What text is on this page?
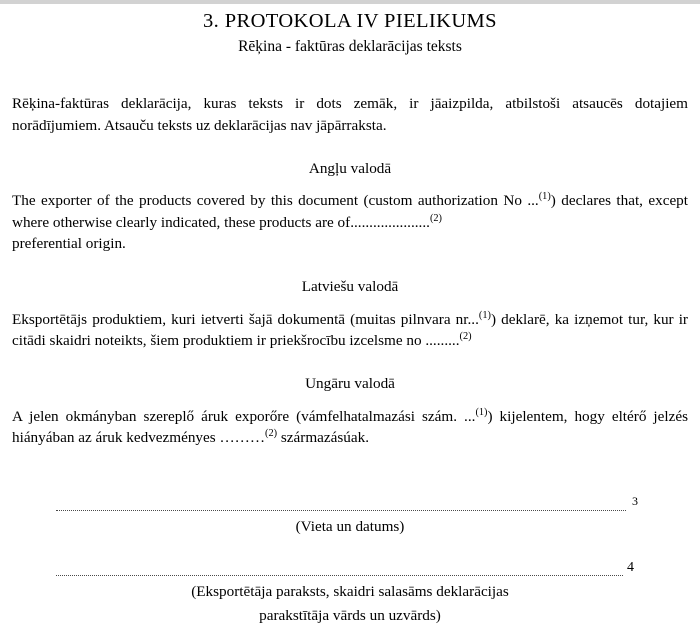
3. PROTOKOLA IV PIELIKUMS
Rēķina - faktūras deklarācijas teksts

Rēķina-faktūras deklarācija, kuras teksts ir dots zemāk, ir jāaizpilda, atbilstoši atsaucēs dotajiem norādījumiem. Atsauču teksts uz deklarācijas nav jāpārraksta.

Angļu valodā

The exporter of the products covered by this document (custom authorization No ...$^{(1)}$) declares that, except where otherwise clearly indicated, these products are of.....................$^{(2)}$
preferential origin.

Latviešu valodā

Eksportētājs produktiem, kuri ietverti šajā dokumentā (muitas pilnvara nr...$^{(1)}$) deklarē, ka izņemot tur, kur ir citādi skaidri noteikts, šiem produktiem ir priekšrocību izcelsme no .........$^{(2)}$

Ungāru valodā

A jelen okmányban szereplő áruk exporőre (vámfelhatalmazási szám. ...$^{(1)}$) kijelentem, hogy eltérő jelzés hiányában az áruk kedvezményes ………$^{(2)}$ származásúak.

3
(Vieta un datums)
4
(Eksportētāja paraksts, skaidri salasāms deklarācijas
parakstītāja vārds un uzvārds)
